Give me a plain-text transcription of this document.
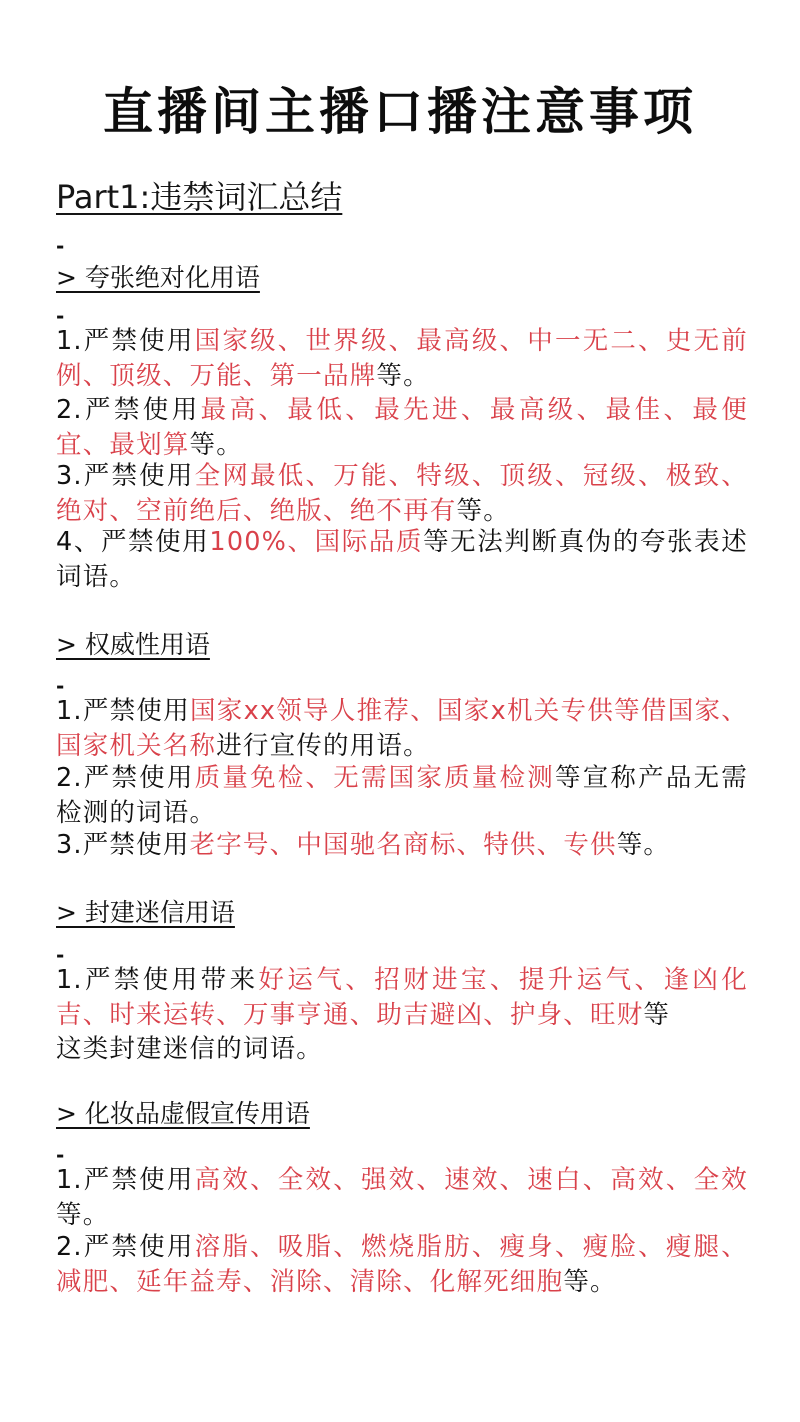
直播间主播口播注意事项
Part1:违禁词汇总结
-
> 夸张绝对化用语
-
1.严禁使用国家级、世界级、最高级、中一无二、史无前例、顶级、万能、第一品牌等。
2.严禁使用最高、最低、最先进、最高级、最佳、最便宜、最划算等。
3.严禁使用全网最低、万能、特级、顶级、冠级、极致、绝对、空前绝后、绝版、绝不再有等。
4、严禁使用100%、国际品质等无法判断真伪的夸张表述词语。
> 权威性用语
-
1.严禁使用国家xx领导人推荐、国家x机关专供等借国家、国家机关名称进行宣传的用语。
2.严禁使用质量免检、无需国家质量检测等宣称产品无需检测的词语。
3.严禁使用老字号、中国驰名商标、特供、专供等。
> 封建迷信用语
-
1.严禁使用带来好运气、招财进宝、提升运气、逢凶化吉、时来运转、万事亨通、助吉避凶、护身、旺财等
这类封建迷信的词语。
> 化妆品虚假宣传用语
-
1.严禁使用高效、全效、强效、速效、速白、高效、全效等。
2.严禁使用溶脂、吸脂、燃烧脂肪、瘦身、瘦脸、瘦腿、减肥、延年益寿、消除、清除、化解死细胞等。
